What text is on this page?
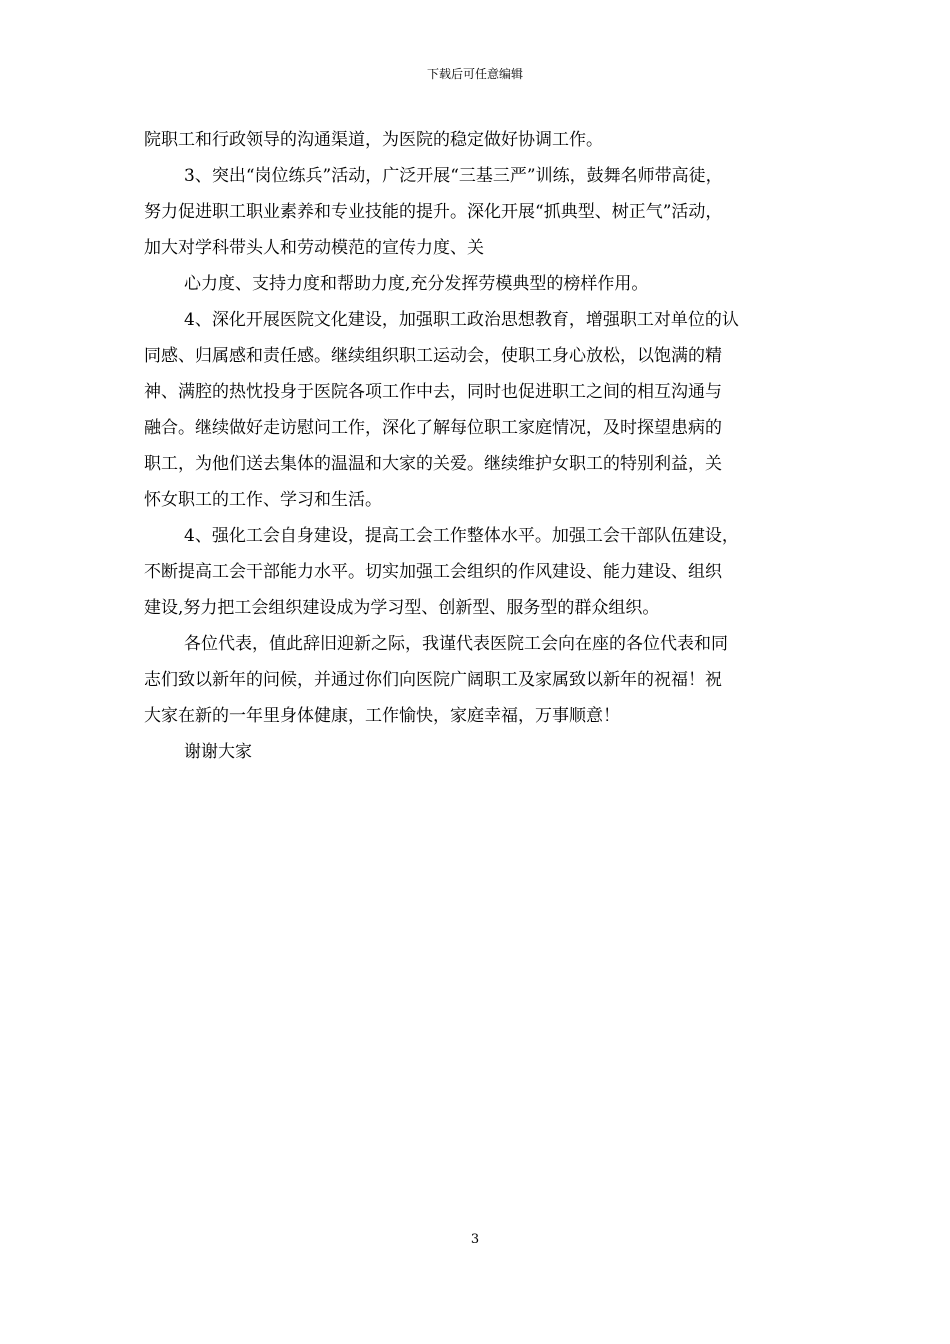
下载后可任意编辑
院职工和行政领导的沟通渠道，为医院的稳定做好协调工作。
3、突出“岗位练兵”活动，广泛开展“三基三严”训练，鼓舞名师带高徒，
努力促进职工职业素养和专业技能的提升。深化开展“抓典型、树正气”活动，
加大对学科带头人和劳动模范的宣传力度、关
心力度、支持力度和帮助力度,充分发挥劳模典型的榜样作用。
4、深化开展医院文化建设，加强职工政治思想教育，增强职工对单位的认
同感、归属感和责任感。继续组织职工运动会，使职工身心放松，以饱满的精
神、满腔的热忱投身于医院各项工作中去，同时也促进职工之间的相互沟通与
融合。继续做好走访慰问工作，深化了解每位职工家庭情况，及时探望患病的
职工，为他们送去集体的温温和大家的关爱。继续维护女职工的特别利益，关
怀女职工的工作、学习和生活。
4、强化工会自身建设，提高工会工作整体水平。加强工会干部队伍建设，
不断提高工会干部能力水平。切实加强工会组织的作风建设、能力建设、组织
建设,努力把工会组织建设成为学习型、创新型、服务型的群众组织。
各位代表，值此辞旧迎新之际，我谨代表医院工会向在座的各位代表和同
志们致以新年的问候，并通过你们向医院广阔职工及家属致以新年的祝福！祝
大家在新的一年里身体健康，工作愉快，家庭幸福，万事顺意！
谢谢大家
3
